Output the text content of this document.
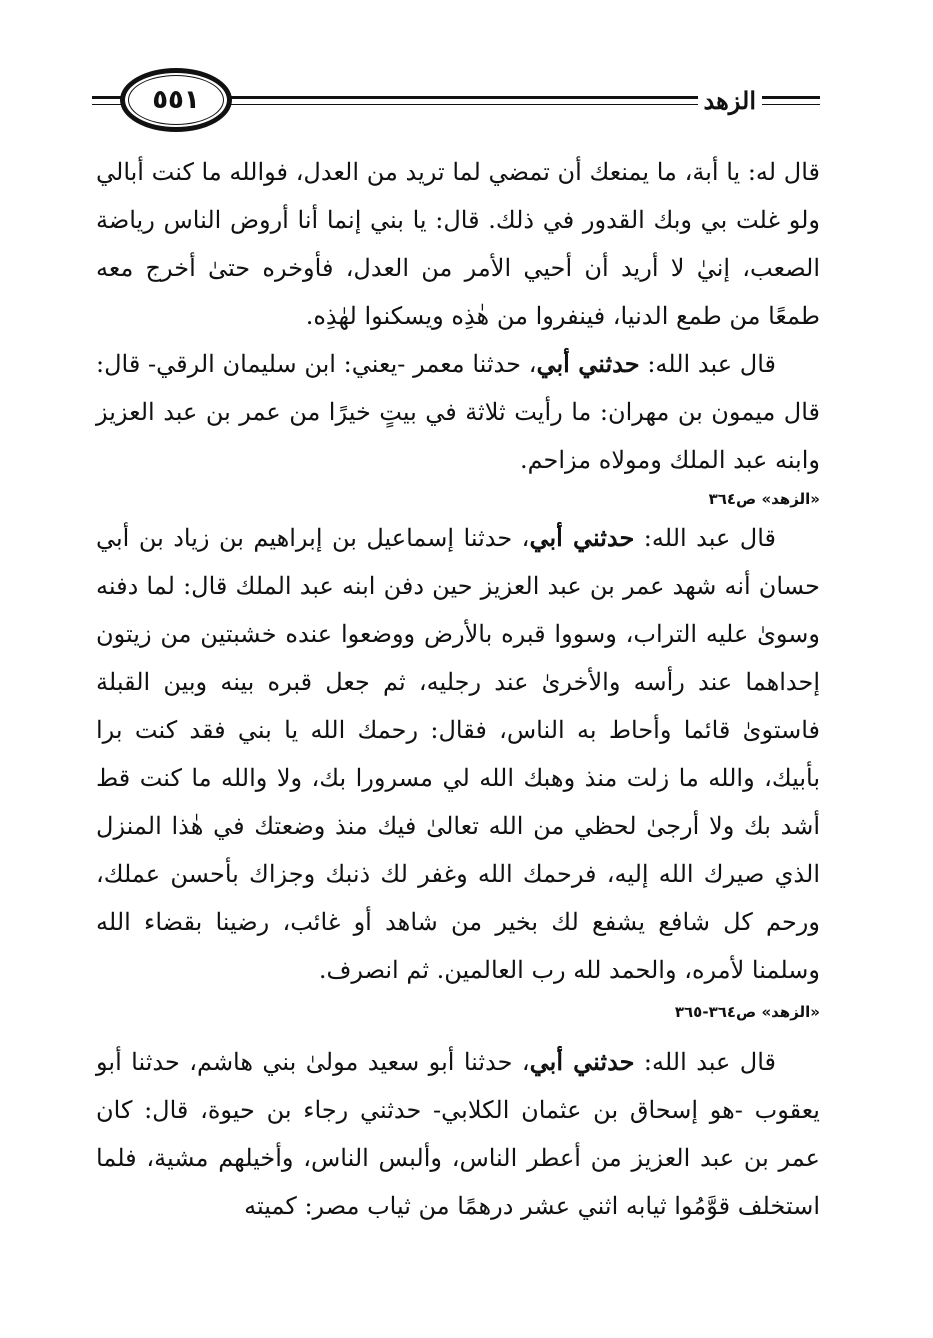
الزهد
٥٥١

قال له: يا أبة، ما يمنعك أن تمضي لما تريد من العدل، فوالله ما كنت أبالي ولو غلت بي وبك القدور في ذلك. قال: يا بني إنما أنا أروض الناس رياضة الصعب، إنيٰ لا أريد أن أحيي الأمر من العدل، فأوخره حتىٰ أخرج معه طمعًا من طمع الدنيا، فينفروا من هٰذِه ويسكنوا لهٰذِه.

قال عبد الله: حدثني أبي، حدثنا معمر -يعني: ابن سليمان الرقي- قال: قال ميمون بن مهران: ما رأيت ثلاثة في بيتٍ خيرًا من عمر بن عبد العزيز وابنه عبد الملك ومولاه مزاحم.

«الزهد» ص٣٦٤

قال عبد الله: حدثني أبي، حدثنا إسماعيل بن إبراهيم بن زياد بن أبي حسان أنه شهد عمر بن عبد العزيز حين دفن ابنه عبد الملك قال: لما دفنه وسوىٰ عليه التراب، وسووا قبره بالأرض ووضعوا عنده خشبتين من زيتون إحداهما عند رأسه والأخرىٰ عند رجليه، ثم جعل قبره بينه وبين القبلة فاستوىٰ قائما وأحاط به الناس، فقال: رحمك الله يا بني فقد كنت برا بأبيك، والله ما زلت منذ وهبك الله لي مسرورا بك، ولا والله ما كنت قط أشد بك ولا أرجىٰ لحظي من الله تعالىٰ فيك منذ وضعتك في هٰذا المنزل الذي صيرك الله إليه، فرحمك الله وغفر لك ذنبك وجزاك بأحسن عملك، ورحم كل شافع يشفع لك بخير من شاهد أو غائب، رضينا بقضاء الله وسلمنا لأمره، والحمد لله رب العالمين. ثم انصرف.

«الزهد» ص٣٦٤-٣٦٥

قال عبد الله: حدثني أبي، حدثنا أبو سعيد مولىٰ بني هاشم، حدثنا أبو يعقوب -هو إسحاق بن عثمان الكلابي- حدثني رجاء بن حيوة، قال: كان عمر بن عبد العزيز من أعطر الناس، وألبس الناس، وأخيلهم مشية، فلما استخلف قوَّمُوا ثيابه اثني عشر درهمًا من ثياب مصر: كميته
